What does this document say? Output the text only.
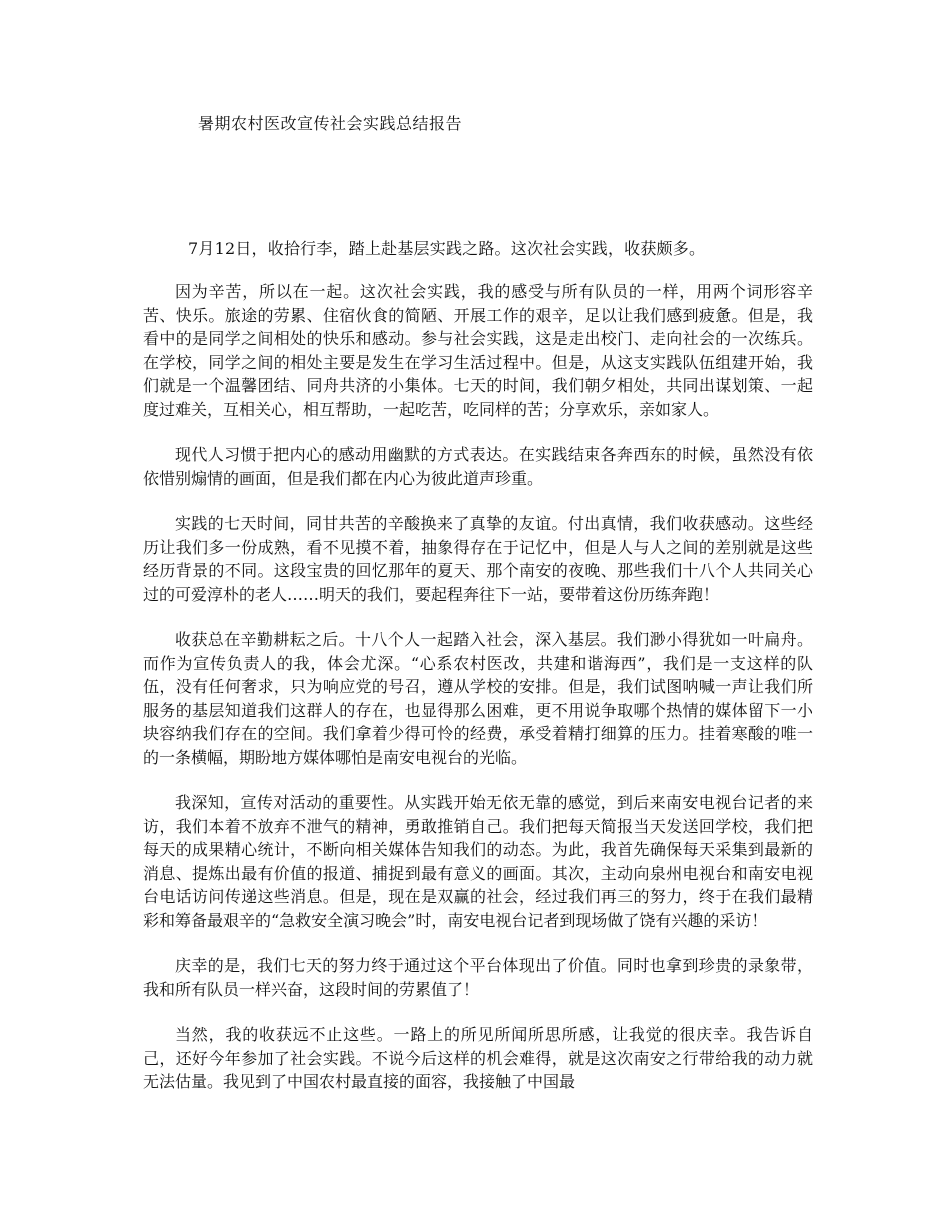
暑期农村医改宣传社会实践总结报告
7月12日，收拾行李，踏上赴基层实践之路。这次社会实践，收获颇多。

因为辛苦，所以在一起。这次社会实践，我的感受与所有队员的一样，用两个词形容辛苦、快乐。旅途的劳累、住宿伙食的简陋、开展工作的艰辛，足以让我们感到疲惫。但是，我看中的是同学之间相处的快乐和感动。参与社会实践，这是走出校门、走向社会的一次练兵。在学校，同学之间的相处主要是发生在学习生活过程中。但是，从这支实践队伍组建开始，我们就是一个温馨团结、同舟共济的小集体。七天的时间，我们朝夕相处，共同出谋划策、一起度过难关，互相关心，相互帮助，一起吃苦，吃同样的苦；分享欢乐，亲如家人。

现代人习惯于把内心的感动用幽默的方式表达。在实践结束各奔西东的时候，虽然没有依依惜别煽情的画面，但是我们都在内心为彼此道声珍重。

实践的七天时间，同甘共苦的辛酸换来了真挚的友谊。付出真情，我们收获感动。这些经历让我们多一份成熟，看不见摸不着，抽象得存在于记忆中，但是人与人之间的差别就是这些经历背景的不同。这段宝贵的回忆那年的夏天、那个南安的夜晚、那些我们十八个人共同关心过的可爱淳朴的老人……明天的我们，要起程奔往下一站，要带着这份历练奔跑！

收获总在辛勤耕耘之后。十八个人一起踏入社会，深入基层。我们渺小得犹如一叶扁舟。而作为宣传负责人的我，体会尤深。“心系农村医改，共建和谐海西”，我们是一支这样的队伍，没有任何奢求，只为响应党的号召，遵从学校的安排。但是，我们试图呐喊一声让我们所服务的基层知道我们这群人的存在，也显得那么困难，更不用说争取哪个热情的媒体留下一小块容纳我们存在的空间。我们拿着少得可怜的经费，承受着精打细算的压力。挂着寒酸的唯一的一条横幅，期盼地方媒体哪怕是南安电视台的光临。

我深知，宣传对活动的重要性。从实践开始无依无靠的感觉，到后来南安电视台记者的来访，我们本着不放弃不泄气的精神，勇敢推销自己。我们把每天简报当天发送回学校，我们把每天的成果精心统计，不断向相关媒体告知我们的动态。为此，我首先确保每天采集到最新的消息、提炼出最有价值的报道、捕捉到最有意义的画面。其次，主动向泉州电视台和南安电视台电话访问传递这些消息。但是，现在是双赢的社会，经过我们再三的努力，终于在我们最精彩和筹备最艰辛的“急救安全演习晚会”时，南安电视台记者到现场做了饶有兴趣的采访！

庆幸的是，我们七天的努力终于通过这个平台体现出了价值。同时也拿到珍贵的录象带，我和所有队员一样兴奋，这段时间的劳累值了！

当然，我的收获远不止这些。一路上的所见所闻所思所感，让我觉的很庆幸。我告诉自己，还好今年参加了社会实践。不说今后这样的机会难得，就是这次南安之行带给我的动力就无法估量。我见到了中国农村最直接的面容，我接触了中国最
